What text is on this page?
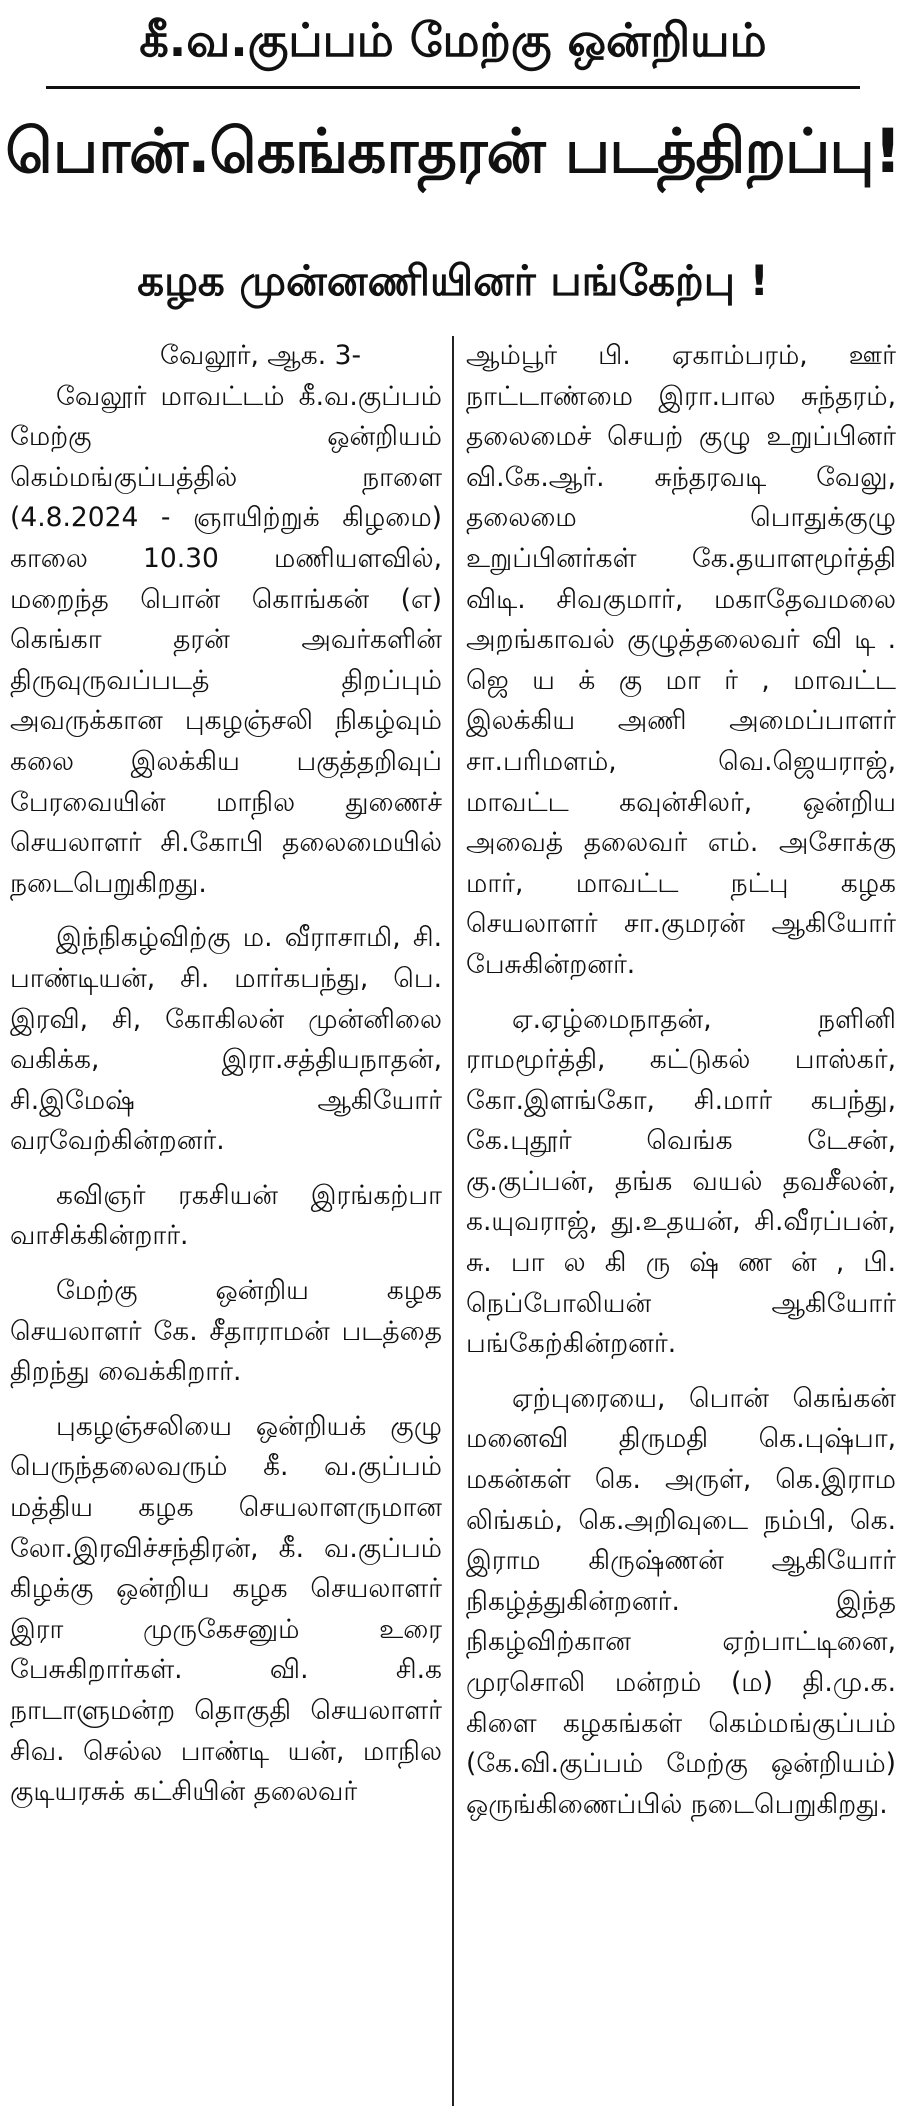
கீ.வ.குப்பம் மேற்கு ஒன்றியம்
பொன்.கெங்காதரன் படத்திறப்பு!
கழக முன்னணியினர் பங்கேற்பு !

வேலூர், ஆக. 3-

வேலூர் மாவட்டம் கீ.வ.குப்பம் மேற்கு ஒன்றியம் கெம்மங்குப்பத்தில் நாளை (4.8.2024 - ஞாயிற்றுக் கிழமை) காலை 10.30 மணியளவில், மறைந்த பொன் கொங்கன் (எ) கெங்கா தரன் அவர்களின் திருவுருவப்படத் திறப்பும் அவருக்கான புகழஞ்சலி நிகழ்வும் கலை இலக்கிய பகுத்தறிவுப் பேரவையின் மாநில துணைச் செயலாளர் சி.கோபி தலைமையில் நடைபெறுகிறது.

இந்நிகழ்விற்கு ம. வீராசாமி, சி. பாண்டியன், சி. மார்கபந்து, பெ. இரவி, சி, கோகிலன் முன்னிலை வகிக்க, இரா.சத்தியநாதன், சி.இமேஷ் ஆகியோர் வரவேற்கின்றனர்.

கவிஞர் ரகசியன் இரங்கற்பா வாசிக்கின்றார்.

மேற்கு ஒன்றிய கழக செயலாளர் கே. சீதாராமன் படத்தை திறந்து வைக்கிறார்.

புகழஞ்சலியை ஒன்றியக் குழு பெருந்தலைவரும் கீ. வ.குப்பம் மத்திய கழக செயலாளருமான லோ.இரவிச்சந்திரன், கீ. வ.குப்பம் கிழக்கு ஒன்றிய கழக செயலாளர் இரா முருகேசனும் உரை பேசுகிறார்கள். வி. சி.க நாடாளுமன்ற தொகுதி செயலாளர் சிவ. செல்ல பாண்டி யன், மாநில குடியரசுக் கட்சியின் தலைவர்

ஆம்பூர் பி. ஏகாம்பரம், ஊர் நாட்டாண்மை இரா.பால சுந்தரம், தலைமைச் செயற் குழு உறுப்பினர் வி.கே.ஆர். சுந்தரவடி வேலு, தலைமை பொதுக்குழு உறுப்பினர்கள் கே.தயாளமூர்த்தி விடி. சிவகுமார், மகாதேவமலை அறங்காவல் குழுத்தலைவர் வி டி . ஜெ ய க் கு மா ர் , மாவட்ட இலக்கிய அணி அமைப்பாளர் சா.பரிமளம், வெ.ஜெயராஜ், மாவட்ட கவுன்சிலர், ஒன்றிய அவைத் தலைவர் எம். அசோக்கு மார், மாவட்ட நட்பு கழக செயலாளர் சா.குமரன் ஆகியோர் பேசுகின்றனர்.

ஏ.ஏழ்மைநாதன், நளினி ராமமூர்த்தி, கட்டுகல் பாஸ்கர், கோ.இளங்கோ, சி.மார் கபந்து, கே.புதூர் வெங்க டேசன், கு.குப்பன், தங்க வயல் தவசீலன், க.யுவராஜ், து.உதயன், சி.வீரப்பன், சு. பா ல கி ரு ஷ் ண ன் , பி. நெப்போலியன் ஆகியோர் பங்கேற்கின்றனர்.

ஏற்புரையை, பொன் கெங்கன் மனைவி திருமதி கெ.புஷ்பா, மகன்கள் கெ. அருள், கெ.இராம லிங்கம், கெ.அறிவுடை நம்பி, கெ. இராம கிருஷ்ணன் ஆகியோர் நிகழ்த்துகின்றனர். இந்த நிகழ்விற்கான ஏற்பாட்டினை, முரசொலி மன்றம் (ம) தி.மு.க. கிளை கழகங்கள் கெம்மங்குப்பம் (கே.வி.குப்பம் மேற்கு ஒன்றியம்) ஒருங்கிணைப்பில் நடைபெறுகிறது.
